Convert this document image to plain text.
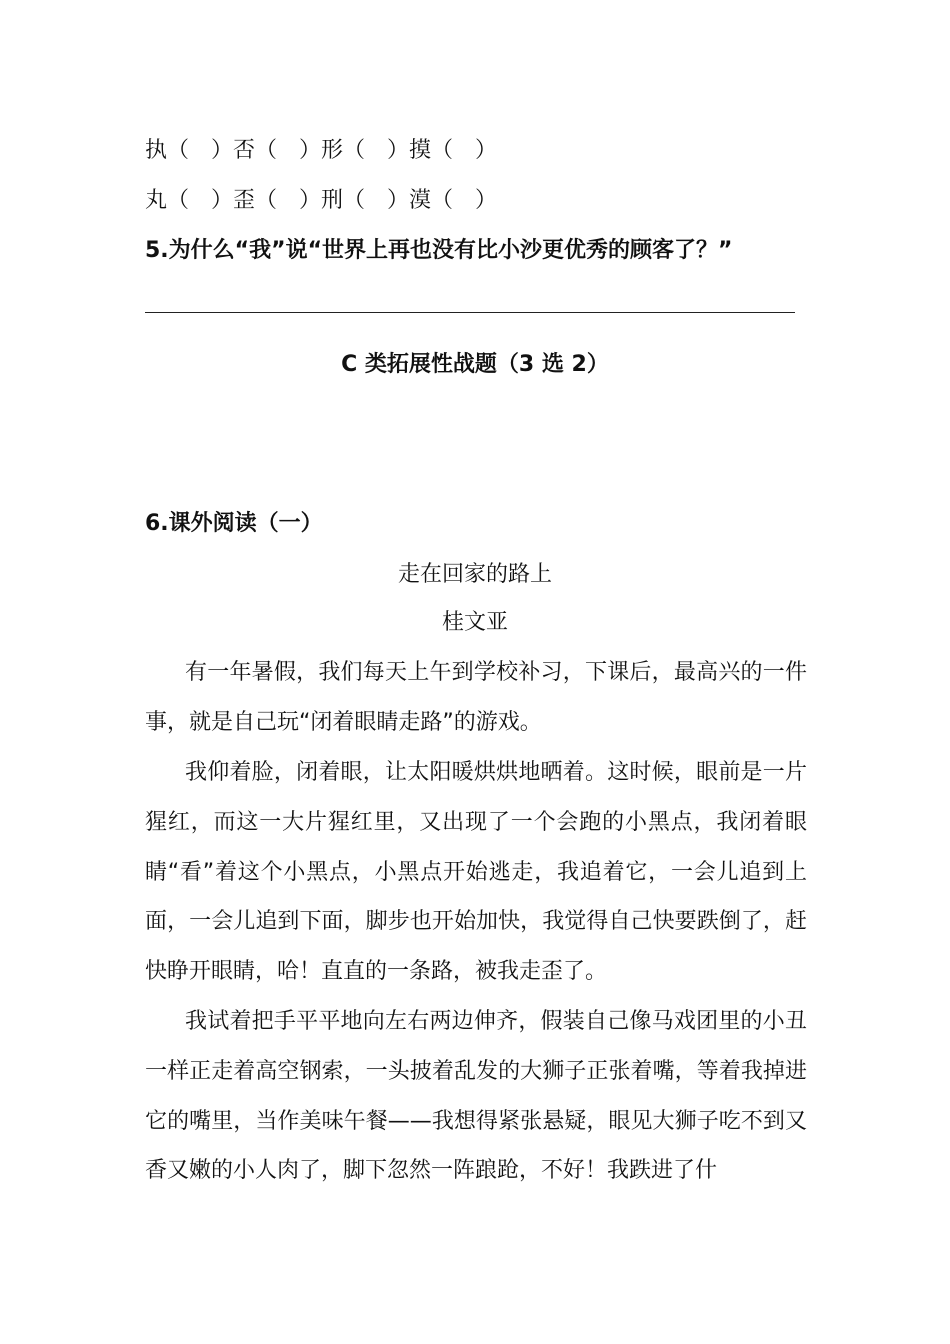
执（　）否（　）形（　）摸（　）
丸（　）歪（　）刑（　）漠（　）
5.为什么“我”说“世界上再也没有比小沙更优秀的顾客了？”
C 类拓展性战题（3 选 2）
6.课外阅读（一）
走在回家的路上
桂文亚

有一年暑假，我们每天上午到学校补习，下课后，最高兴的一件事，就是自己玩“闭着眼睛走路”的游戏。

我仰着脸，闭着眼，让太阳暖烘烘地晒着。这时候，眼前是一片猩红，而这一大片猩红里，又出现了一个会跑的小黑点，我闭着眼睛“看”着这个小黑点，小黑点开始逃走，我追着它，一会儿追到上面，一会儿追到下面，脚步也开始加快，我觉得自己快要跌倒了，赶快睁开眼睛，哈！直直的一条路，被我走歪了。

我试着把手平平地向左右两边伸齐，假装自己像马戏团里的小丑一样正走着高空钢索，一头披着乱发的大狮子正张着嘴，等着我掉进它的嘴里，当作美味午餐——我想得紧张悬疑，眼见大狮子吃不到又香又嫩的小人肉了，脚下忽然一阵踉跄，不好！我跌进了什
